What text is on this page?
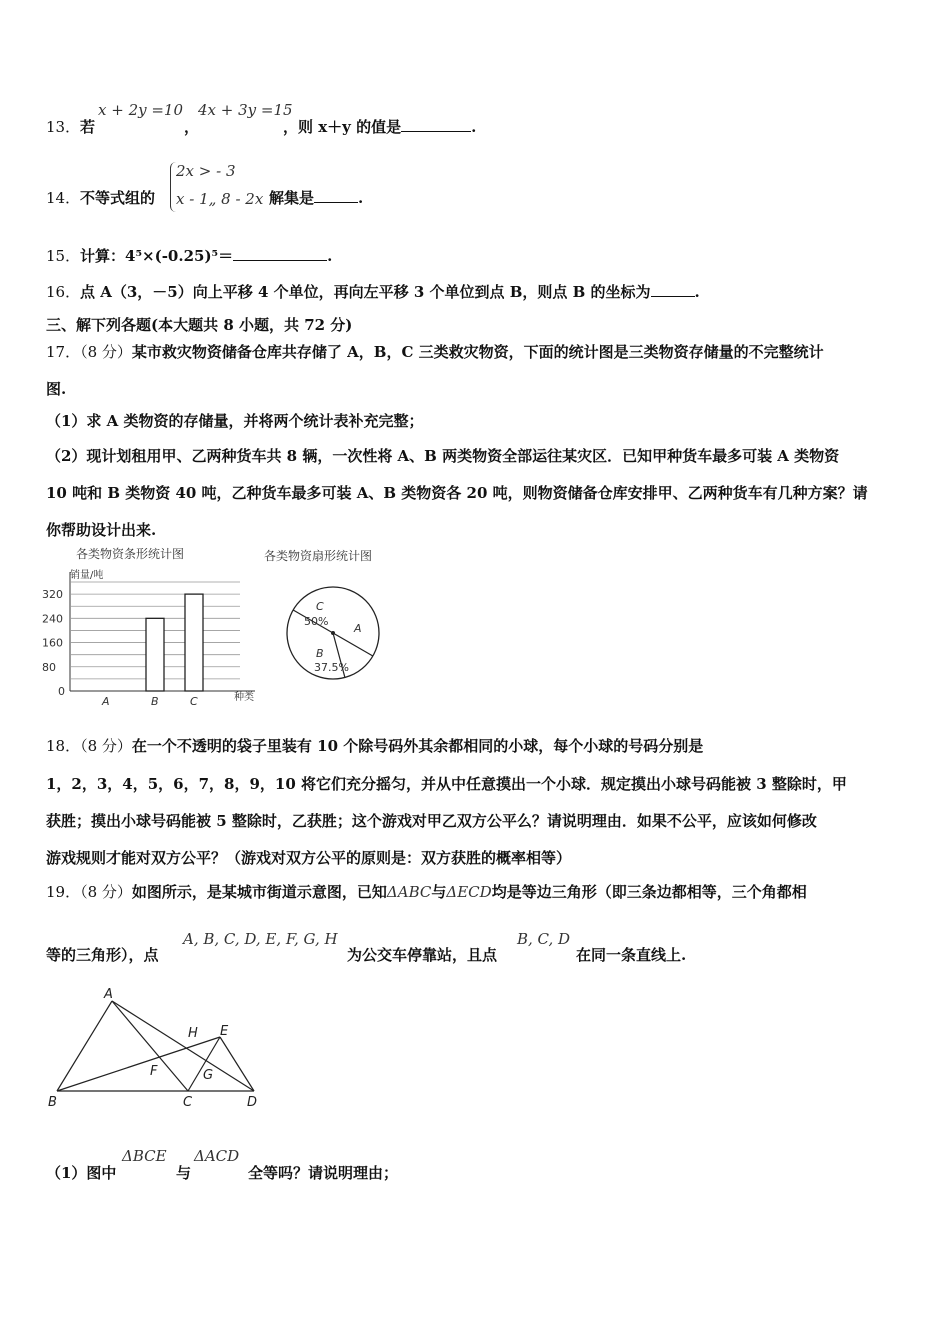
13． 若
x + 2y =10
，
4x + 3y =15
，则 x＋y 的值是	.
14． 不等式组的
2x > - 3
x - 1„ 8 - 2x 解集是	.
15． 计算：4⁵×(-0.25)⁵＝	.
16． 点 A（3，－5）向上平移 4 个单位，再向左平移 3 个单位到点 B，则点 B 的坐标为	.
三、解下列各题(本大题共 8 小题，共 72 分)
17．（8 分）某市救灾物资储备仓库共存储了 A，B，C 三类救灾物资，下面的统计图是三类物资存储量的不完整统计
图.
（1）求 A 类物资的存储量，并将两个统计表补充完整；
（2）现计划租用甲、乙两种货车共 8 辆，一次性将 A、B 两类物资全部运往某灾区．已知甲种货车最多可装 A 类物资
10 吨和 B 类物资 40 吨，乙种货车最多可装 A、B 类物资各 20 吨，则物资储备仓库安排甲、乙两种货车有几种方案？请
你帮助设计出来.
各类物资条形统计图
销量/吨
0
80
160
240
320
A	B	C	种类
各类物资扇形统计图
C
50%
A
B
37.5%
18．（8 分）在一个不透明的袋子里装有 10 个除号码外其余都相同的小球，每个小球的号码分别是
1，2，3，4，5，6，7，8，9，10 将它们充分摇匀，并从中任意摸出一个小球．规定摸出小球号码能被 3 整除时，甲
获胜；摸出小球号码能被 5 整除时，乙获胜；这个游戏对甲乙双方公平么？请说明理由．如果不公平，应该如何修改
游戏规则才能对双方公平？（游戏对双方公平的原则是：双方获胜的概率相等）
19．（8 分）如图所示，是某城市街道示意图，已知ΔABC与ΔECD均是等边三角形（即三条边都相等，三个角都相
等的三角形），点
A, B, C, D, E, F, G, H
为公交车停靠站，且点
B, C, D
在同一条直线上.
A
B	C	D
E
F	G
H
（1）图中
ΔBCE
与
ΔACD
全等吗？请说明理由；
